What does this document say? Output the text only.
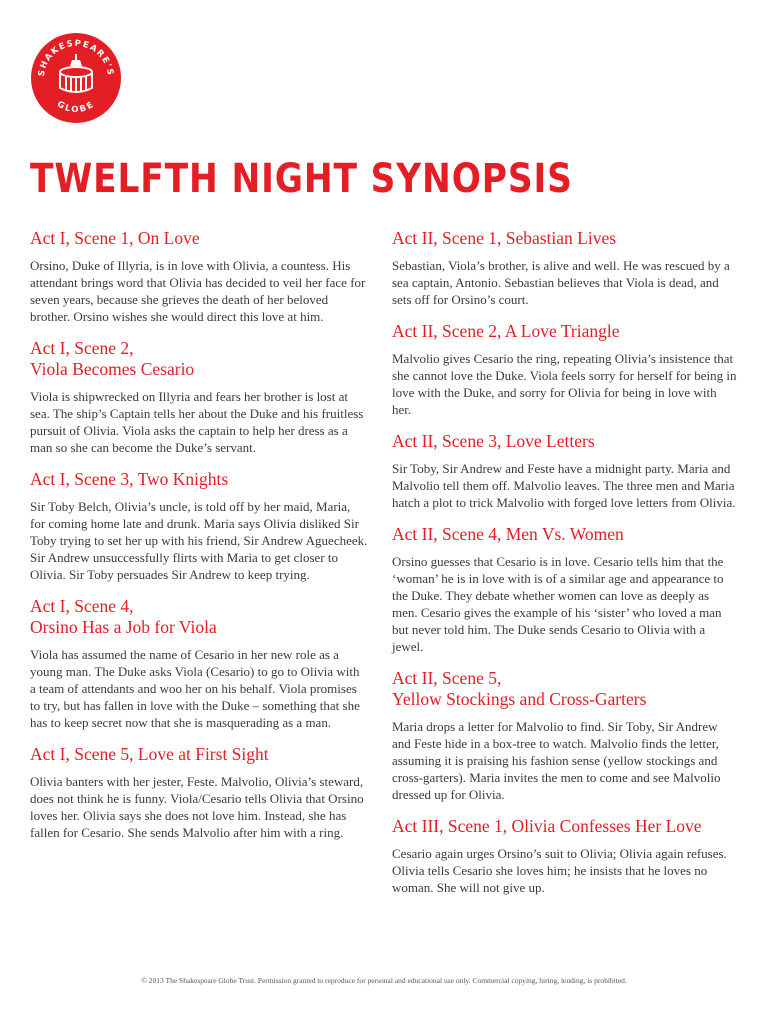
SHAKESPEARE'S
GLOBE
TWELFTH NIGHT SYNOPSIS
Act I, Scene 1, On Love

Orsino, Duke of Illyria, is in love with Olivia, a countess. His attendant brings word that Olivia has decided to veil her face for seven years, because she grieves the death of her beloved brother. Orsino wishes she would direct this love at him.

Act I, Scene 2,
Viola Becomes Cesario

Viola is shipwrecked on Illyria and fears her brother is lost at sea. The ship’s Captain tells her about the Duke and his fruitless pursuit of Olivia. Viola asks the captain to help her dress as a man so she can become the Duke’s servant.

Act I, Scene 3, Two Knights

Sir Toby Belch, Olivia’s uncle, is told off by her maid, Maria, for coming home late and drunk. Maria says Olivia disliked Sir Toby trying to set her up with his friend, Sir Andrew Aguecheek. Sir Andrew unsuccessfully flirts with Maria to get closer to Olivia. Sir Toby persuades Sir Andrew to keep trying.

Act I, Scene 4,
Orsino Has a Job for Viola

Viola has assumed the name of Cesario in her new role as a young man. The Duke asks Viola (Cesario) to go to Olivia with a team of attendants and woo her on his behalf. Viola promises to try, but has fallen in love with the Duke – something that she has to keep secret now that she is masquerading as a man.

Act I, Scene 5, Love at First Sight

Olivia banters with her jester, Feste. Malvolio, Olivia’s steward, does not think he is funny. Viola/Cesario tells Olivia that Orsino loves her. Olivia says she does not love him. Instead, she has fallen for Cesario. She sends Malvolio after him with a ring.

Act II, Scene 1, Sebastian Lives

Sebastian, Viola’s brother, is alive and well. He was rescued by a sea captain, Antonio. Sebastian believes that Viola is dead, and sets off for Orsino’s court.

Act II, Scene 2, A Love Triangle

Malvolio gives Cesario the ring, repeating Olivia’s insistence that she cannot love the Duke. Viola feels sorry for herself for being in love with the Duke, and sorry for Olivia for being in love with her.

Act II, Scene 3, Love Letters

Sir Toby, Sir Andrew and Feste have a midnight party. Maria and Malvolio tell them off. Malvolio leaves. The three men and Maria hatch a plot to trick Malvolio with forged love letters from Olivia.

Act II, Scene 4, Men Vs. Women

Orsino guesses that Cesario is in love. Cesario tells him that the ‘woman’ he is in love with is of a similar age and appearance to the Duke. They debate whether women can love as deeply as men. Cesario gives the example of his ‘sister’ who loved a man but never told him. The Duke sends Cesario to Olivia with a jewel.

Act II, Scene 5,
Yellow Stockings and Cross-Garters

Maria drops a letter for Malvolio to find. Sir Toby, Sir Andrew and Feste hide in a box-tree to watch. Malvolio finds the letter, assuming it is praising his fashion sense (yellow stockings and cross-garters). Maria invites the men to come and see Malvolio dressed up for Olivia.

Act III, Scene 1, Olivia Confesses Her Love

Cesario again urges Orsino’s suit to Olivia; Olivia again refuses. Olivia tells Cesario she loves him; he insists that he loves no woman. She will not give up.

© 2013 The Shakespeare Globe Trust. Permission granted to reproduce for personal and educational use only. Commercial copying, hiring, lending, is prohibited.
